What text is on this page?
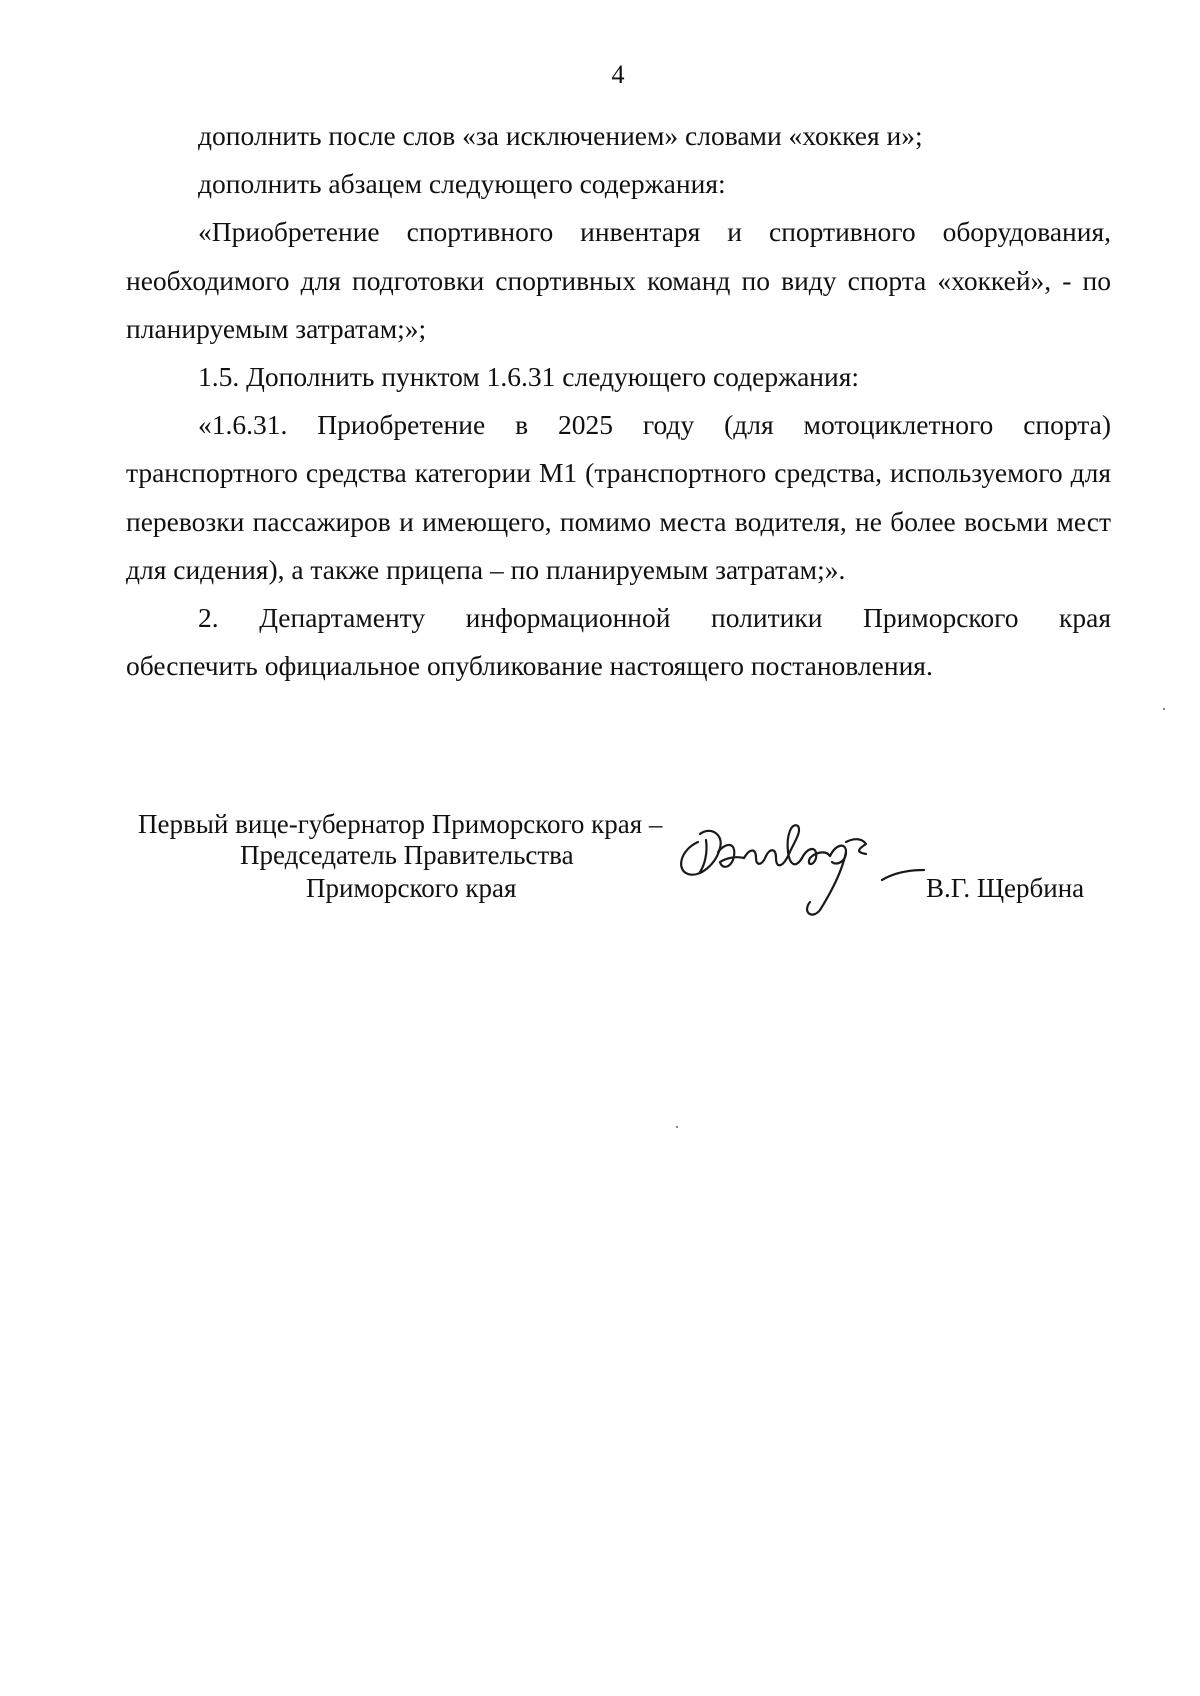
4

дополнить после слов «за исключением» словами «хоккея и»;

дополнить абзацем следующего содержания:

«Приобретение спортивного инвентаря и спортивного оборудования, необходимого для подготовки спортивных команд по виду спорта «хоккей», - по планируемым затратам;»;

1.5. Дополнить пунктом 1.6.31 следующего содержания:

«1.6.31. Приобретение в 2025 году (для мотоциклетного спорта) транспортного средства категории М1 (транспортного средства, используемого для перевозки пассажиров и имеющего, помимо места водителя, не более восьми мест для сидения), а также прицепа – по планируемым затратам;».

2. Департаменту информационной политики Приморского края

обеспечить официальное опубликование настоящего постановления.

Первый вице-губернатор Приморского края –
Председатель Правительства
Приморского края	В.Г. Щербина
